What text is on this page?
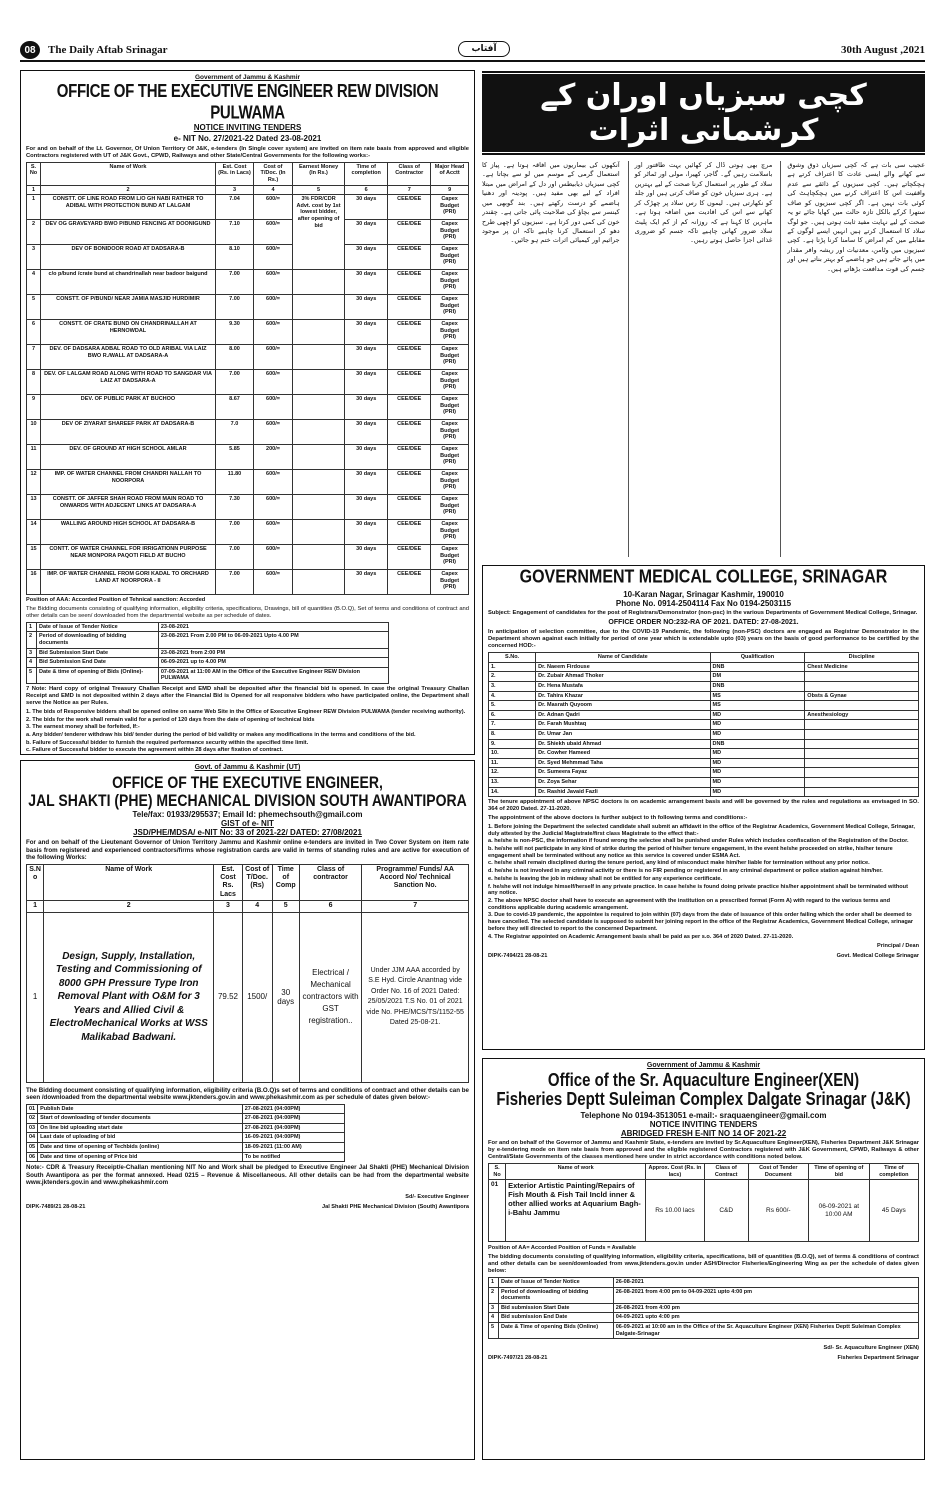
08	The Daily Aftab Srinagar	آفتاب	30th August ,2021
Government of Jammu & Kashmir
OFFICE OF THE EXECUTIVE ENGINEER REW DIVISION PULWAMA
NOTICE INVITING TENDERS
e- NIT No. 27/2021-22 Dated 23-08-2021
For and on behalf of the Lt. Governor, Of Union Territory Of J&K, e-tenders (In Single cover system) are invited on item rate basis from approved and eligible Contractors registered with UT of J&K Govt., CPWD, Railways and other State/Central Governments for the following works:-
S. No	Name of Work	Est. Cost (Rs. in Lacs)	Cost of T/Doc. (In Rs.)	Earnest Money (In Rs.)	Time of completion	Class of Contractor	Major Head of Acctt
1	2	3	4	5	6	7	9
1	CONSTT. OF LINE ROAD FROM L/O GH NABI RATHER TO ADIBAL WITH PROTECTION BUND AT LALGAM	7.04	600/=	3% FDR/CDR Advt. cost by 1st lowest bidder, after opening of bid	30 days	CEE/DEE	Capex Budget (PRI)
2	DEV OG GRAVEYARD BWO P/BUND FENCING AT DOONIGUND	7.10	600/=		30 days	CEE/DEE	Capex Budget (PRI)
3	DEV OF BONIDOOR ROAD AT DADSARA-B	8.10	600/=		30 days	CEE/DEE	Capex Budget (PRI)
4	c/o p/bund /crate bund at chandrinallah near badoor baigund	7.00	600/=		30 days	CEE/DEE	Capex Budget (PRI)
5	CONSTT. OF P/BUND/ NEAR JAMIA MASJID HURDIMIR	7.00	600/=		30 days	CEE/DEE	Capex Budget (PRI)
6	CONSTT. OF CRATE BUND ON CHANDRINALLAH AT HERNOWDAL	9.30	600/=		30 days	CEE/DEE	Capex Budget (PRI)
7	DEV. OF DADSARA ADBAL ROAD TO OLD ARIBAL VIA LAIZ BWO R./WALL AT DADSARA-A	8.00	600/=		30 days	CEE/DEE	Capex Budget (PRI)
8	DEV. OF LALGAM ROAD ALONG WITH ROAD TO SANGDAR VIA LAIZ AT DADSARA-A	7.00	600/=		30 days	CEE/DEE	Capex Budget (PRI)
9	DEV. OF PUBLIC PARK AT BUCHOO	8.67	600/=		30 days	CEE/DEE	Capex Budget (PRI)
10	DEV OF ZIYARAT SHAREEF PARK AT DADSARA-B	7.0	600/=		30 days	CEE/DEE	Capex Budget (PRI)
11	DEV. OF GROUND AT HIGH SCHOOL AMLAR	5.85	200/=		30 days	CEE/DEE	Capex Budget (PRI)
12	IMP. OF WATER CHANNEL FROM CHANDRI NALLAH TO NOORPORA	11.80	600/=		30 days	CEE/DEE	Capex Budget (PRI)
13	CONSTT. OF JAFFER SHAH ROAD FROM MAIN ROAD TO ONWARDS WITH ADJECENT LINKS AT DADSARA-A	7.30	600/=		30 days	CEE/DEE	Capex Budget (PRI)
14	WALLING AROUND HIGH SCHOOL AT DADSARA-B	7.00	600/=		30 days	CEE/DEE	Capex Budget (PRI)
15	CONTT. OF WATER CHANNEL FOR IRRIGATIONN PURPOSE NEAR MONPORA PAQOTI FIELD AT BUCHO	7.00	600/=		30 days	CEE/DEE	Capex Budget (PRI)
16	IMP. OF WATER CHANNEL FROM GORI KADAL TO ORCHARD LAND AT NOORPORA - II	7.00	600/=		30 days	CEE/DEE	Capex Budget (PRI)
Position of AAA: Accorded Position of Tehnical sanction: Accorded
The Bidding documents consisting of qualifying information, eligibility criteria, specifications, Drawings, bill of quantities (B.O.Q), Set of terms and conditions of contract and other details can be seen/ downloaded from the departmental website as per schedule of dates.
1	Date of Issue of Tender Notice	23-08-2021
2	Period of downloading of bidding documents	23-08-2021 From 2.00 PM to 06-09-2021 Upto 4.00 PM
3	Bid Submission Start Date	23-08-2021 from 2:00 PM
4	Bid Submission End Date	06-09-2021 up to 4.00 PM
5	Date & time of opening of Bids (Online)-	07-09-2021 at 11:00 AM in the Office of the Executive Engineer REW Division PULWAMA
7 Note: Hard copy of original Treasury Challan Receipt and EMD shall be deposited after the financial bid is opened. In case the original Treasury Challan Receipt and EMD is not deposited within 2 days after the Financial Bid is Opened for all responsive bidders who have participated online, the Department shall serve the Notice as per Rules.
1. The bids of Responsive bidders shall be opened online on same Web Site in the Office of Executive Engineer REW Division PULWAMA (tender receiving authority).
2. The bids for the work shall remain valid for a period of 120 days from the date of opening of technical bids
3. The earnest money shall be forfeited, If:-
a. Any bidder/ tenderer withdraw his bid/ tender during the period of bid validity or makes any modifications in the terms and conditions of the bid.
b. Failure of Successful bidder to furnish the required performance security within the specified time limit.
c. Failure of Successful bidder to execute the agreement within 28 days after fixation of contract.
Govt. of Jammu & Kashmir (UT)
OFFICE OF THE EXECUTIVE ENGINEER,
JAL SHAKTI (PHE) MECHANICAL DIVISION SOUTH AWANTIPORA
Tele/fax: 01933/295537; Email Id: phemechsouth@gmail.com
GIST of e- NIT
JSD/PHE/MDSA/ e-NIT No: 33 of 2021-22/ DATED: 27/08/2021
For and on behalf of the Lieutenant Governor of Union Territory Jammu and Kashmir online e-tenders are invited in Two Cover System on item rate basis from registered and experienced contractors/firms whose registration cards are valid in terms of standing rules and are active for execution of the following Works:
S.N o	Name of Work	Est. Cost Rs. Lacs	Cost of T/Doc. (Rs)	Time of Comp	Class of contractor	Programme/ Funds/ AA Accord No/ Technical Sanction No.
1	2	3	4	5	6	7
1	Design, Supply, Installation, Testing and Commissioning of 8000 GPH Pressure Type Iron Removal Plant with O&M for 3 Years and Allied Civil & ElectroMechanical Works at WSS Malikabad Badwani.	79.52	1500/	30 days	Electrical / Mechanical contractors with GST registration..	Under JJM AAA accorded by S.E Hyd. Circle Anantnag vide Order No. 16 of 2021 Dated: 25/05/2021 T.S No. 01 of 2021 vide No. PHE/MCS/TS/1152-55 Dated 25-08-21.
The Bidding document consisting of qualifying information, eligibility criteria (B.O.Q)s set of terms and conditions of contract and other details can be seen /downloaded from the departmental website www.jktenders.gov.in and www.phekashmir.com as per schedule of dates given below:-
01	Publish Date	27-08-2021 (04:00PM)
02	Start of downloading of tender documents	27-08-2021 (04:00PM)
03	On line bid uploading start date	27-08-2021 (04:00PM)
04	Last date of uploading of bid	16-09-2021 (04:00PM)
05	Date and time of opening of Techbids (online)	18-09-2021 (11:00 AM)
06	Date and time of opening of Price bid	To be notified
Note:- CDR & Treasury Receipt/e-Challan mentioning NIT No and Work shall be pledged to Executive Engineer Jal Shakti (PHE) Mechanical Division South Awantipora as per the format annexed. Head 0215 – Revenue & Miscellaneous. All other details can be had from the departmental website www.jktenders.gov.in and www.phekashmir.com
Sd/- Executive Engineer
DIPK-7489/21 28-08-21	Jal Shakti PHE Mechanical Division (South) Awantipora
کچی سبزیاں اوران کے کرشماتی اثرات
عجیب سی بات ہے کہ کچی سبزیاں ذوق وشوق سے کھانے والے ایسی عادت کا اعتراف کرتے ہے ہچکچاتے ہیں۔ کچی سبزیوں کے ذائقے سے عدم واقفیت اس کا اعتراف کرنے میں ہچکچاہٹ کی کوئی بات نہیں ہے۔ اگر کچی سبزیوں کو صاف ستھرا کرکے بالکل تازہ حالت میں کھایا جائے تو یہ صحت کے لیے نہایت مفید ثابت ہوتی ہیں۔ جو لوگ سلاد کا استعمال کرتے ہیں انہیں ایسے لوگوں کے مقابلے میں کم امراض کا سامنا کرنا پڑتا ہے۔ کچی سبزیوں میں وٹامن، معدنیات اور ریشہ وافر مقدار میں پائے جاتے ہیں جو ہاضمے کو بہتر بناتے ہیں اور جسم کی قوت مدافعت بڑھاتے ہیں۔
مرچ بھی ہوتی ڈال کر کھائیں بہت طاقتور اور باسلامت رہیں گے۔ گاجر، کھیرا، مولی اور ٹماٹر کو سلاد کے طور پر استعمال کرنا صحت کے لیے بہترین ہے۔ ہری سبزیاں خون کو صاف کرتی ہیں اور جلد کو نکھارتی ہیں۔ لیموں کا رس سلاد پر چھڑک کر کھانے سے اس کی افادیت میں اضافہ ہوتا ہے۔ ماہرین کا کہنا ہے کہ روزانہ کم از کم ایک پلیٹ سلاد ضرور کھانی چاہیے تاکہ جسم کو ضروری غذائی اجزا حاصل ہوتے رہیں۔
آنکھوں کی بیماریوں میں افاقہ ہوتا ہے۔ پیاز کا استعمال گرمی کے موسم میں لو سے بچاتا ہے۔ کچی سبزیاں ذیابیطس اور دل کے امراض میں مبتلا افراد کے لیے بھی مفید ہیں۔ پودینہ اور دھنیا ہاضمے کو درست رکھتے ہیں۔ بند گوبھی میں کینسر سے بچاؤ کی صلاحیت پائی جاتی ہے۔ چقندر خون کی کمی دور کرتا ہے۔ سبزیوں کو اچھی طرح دھو کر استعمال کرنا چاہیے تاکہ ان پر موجود جراثیم اور کیمیائی اثرات ختم ہو جائیں۔
GOVERNMENT MEDICAL COLLEGE, SRINAGAR
10-Karan Nagar, Srinagar Kashmir, 190010
Phone No. 0914-2504114 Fax No 0194-2503115
Subject: Engagement of candidates for the post of Registrars/Demonstrator (non-psc) in the various Departments of Government Medical College, Srinagar.
OFFICE ORDER NO:232-RA OF 2021. DATED: 27-08-2021.
In anticipation of selection committee, due to the COVID-19 Pandemic, the following (non-PSC) doctors are engaged as Registrar Demonstrator in the Department shown against each initially for period of one year which is extendable upto (03) years on the basis of good performance to be certified by the concerned HOD:-
S.No.	Name of Candidate	Qualification	Discipline
1.	Dr. Naeem Firdouse	DNB	Chest Medicine
2.	Dr. Zubair Ahmad Thoker	DM	
3.	Dr. Hena Mustafa	DNB	
4.	Dr. Tahira Khazar	MS	Obsts & Gynae
5.	Dr. Masrath Quyoom	MS	
6.	Dr. Adnan Qadri	MD	Anesthesiology
7.	Dr. Farah Mushtaq	MD	
8.	Dr. Umar Jan	MD	
9.	Dr. Shiekh ubaid Ahmad	DNB	
10.	Dr. Cowher Hameed	MD	
11.	Dr. Syed Mehmmad Taha	MD	
12.	Dr. Sumeera Fayaz	MD	
13.	Dr. Zoya Sehar	MD	
14.	Dr. Rashid Javaid Fazli	MD	
The tenure appointment of above NPSC doctors is on academic arrangement basis and will be governed by the rules and regulations as envisaged in SO. 364 of 2020 Dated. 27-11-2020.
The appointment of the above doctors is further subject to th following terms and conditions:-
1. Before joining the Department the selected candidate shall submit an affidavit in the office of the Registrar Academics, Government Medical College, Srinagar, duly attested by the Judicial Magistrate/first class Magistrate to the effect that:-
a. he/she is non-PSC, the information if found wrong the selectee shall be punished under Rules which includes confiscation of the Registration of the Doctor.
b. he/she will not participate in any kind of strike during the period of his/her tenure engagement, in the event he/she proceeded on strike, his/her tenure engagement shall be terminated without any notice as this service is covered under ESMA Act.
c. he/she shall remain disciplined during the tenure period, any kind of misconduct make him/her liable for termination without any prior notice.
d. he/she is not involved in any criminal activity or there is no FIR pending or registered in any criminal department or police station against him/her.
e. he/she is leaving the job in midway shall not be entitled for any experience certificate.
f. he/she will not indulge himself/herself in any private practice. In case he/she is found doing private practice his/her appointment shall be terminated without any notice.
2. The above NPSC doctor shall have to execute an agreement with the institution on a prescribed format (Form A) with regard to the various terms and conditions applicable during academic arrangement.
3. Due to covid-19 pandemic, the appointee is required to join within (07) days from the date of issuance of this order failing which the order shall be deemed to have cancelled. The selected candidate is supposed to submit her joining report in the office of the Registrar Academics, Government Medical College, srinagar before they will directed to report to the concerned Department.
4. The Registrar appointed on Academic Arrangement basis shall be paid as per s.o. 364 of 2020 Dated. 27-11-2020.
Principal / Dean
DIPK-7494/21 28-08-21	Govt. Medical College Srinagar
Government of Jammu & Kashmir
Office of the Sr. Aquaculture Engineer(XEN)
Fisheries Deptt Suleiman Complex Dalgate Srinagar (J&K)
Telephone No 0194-3513051 e-mail:- sraquaengineer@gmail.com
NOTICE INVITING TENDERS
ABRIDGED FRESH E-NIT NO 14 OF 2021-22
For and on behalf of the Governor of Jammu and Kashmir State, e-tenders are invited by Sr.Aquaculture Engineer(XEN), Fisheries Department J&K Srinagar by e-tendering mode on item rate basis from approved and the eligible registered Contractors registered with J&K Government, CPWD, Railways & other Central/State Governments of the classes mentioned here under in strict accordance with conditions noted below.
S. No	Name of work	Approx. Cost (Rs. in lacs)	Class of Contract	Cost of Tender Document	Time of opening of bid	Time of completion
01	Exterior Artistic Painting/Repairs of Fish Mouth & Fish Tail Incld inner & other allied works at Aquarium Bagh-i-Bahu Jammu	Rs 10.00 lacs	C&D	Rs 600/-	06-09-2021 at 10:00 AM	45 Days
Position of AA= Accorded Position of Funds = Available
The bidding documents consisting of qualifying information, eligibility criteria, specifications, bill of quantities (B.O.Q), set of terms & conditions of contract and other details can be seen/downloaded from www.jktenders.gov.in under ASH/Director Fisheries/Engineering Wing as per the schedule of dates given below:
1	Date of Issue of Tender Notice	26-08-2021
2	Period of downloading of bidding documents	26-08-2021 from 4:00 pm to 04-09-2021 upto 4:00 pm
3	Bid submission Start Date	26-08-2021 from 4:00 pm
4	Bid submission End Date	04-09-2021 upto 4:00 pm
5	Date & Time of opening Bids (Online)	06-09-2021 at 10:00 am in the Office of the Sr. Aquaculture Engineer (XEN) Fisheries Deptt Suleiman Complex Dalgate-Srinagar
Sd/- Sr. Aquaculture Engineer (XEN)
DIPK-7497/21 28-08-21	Fisheries Department Srinagar
